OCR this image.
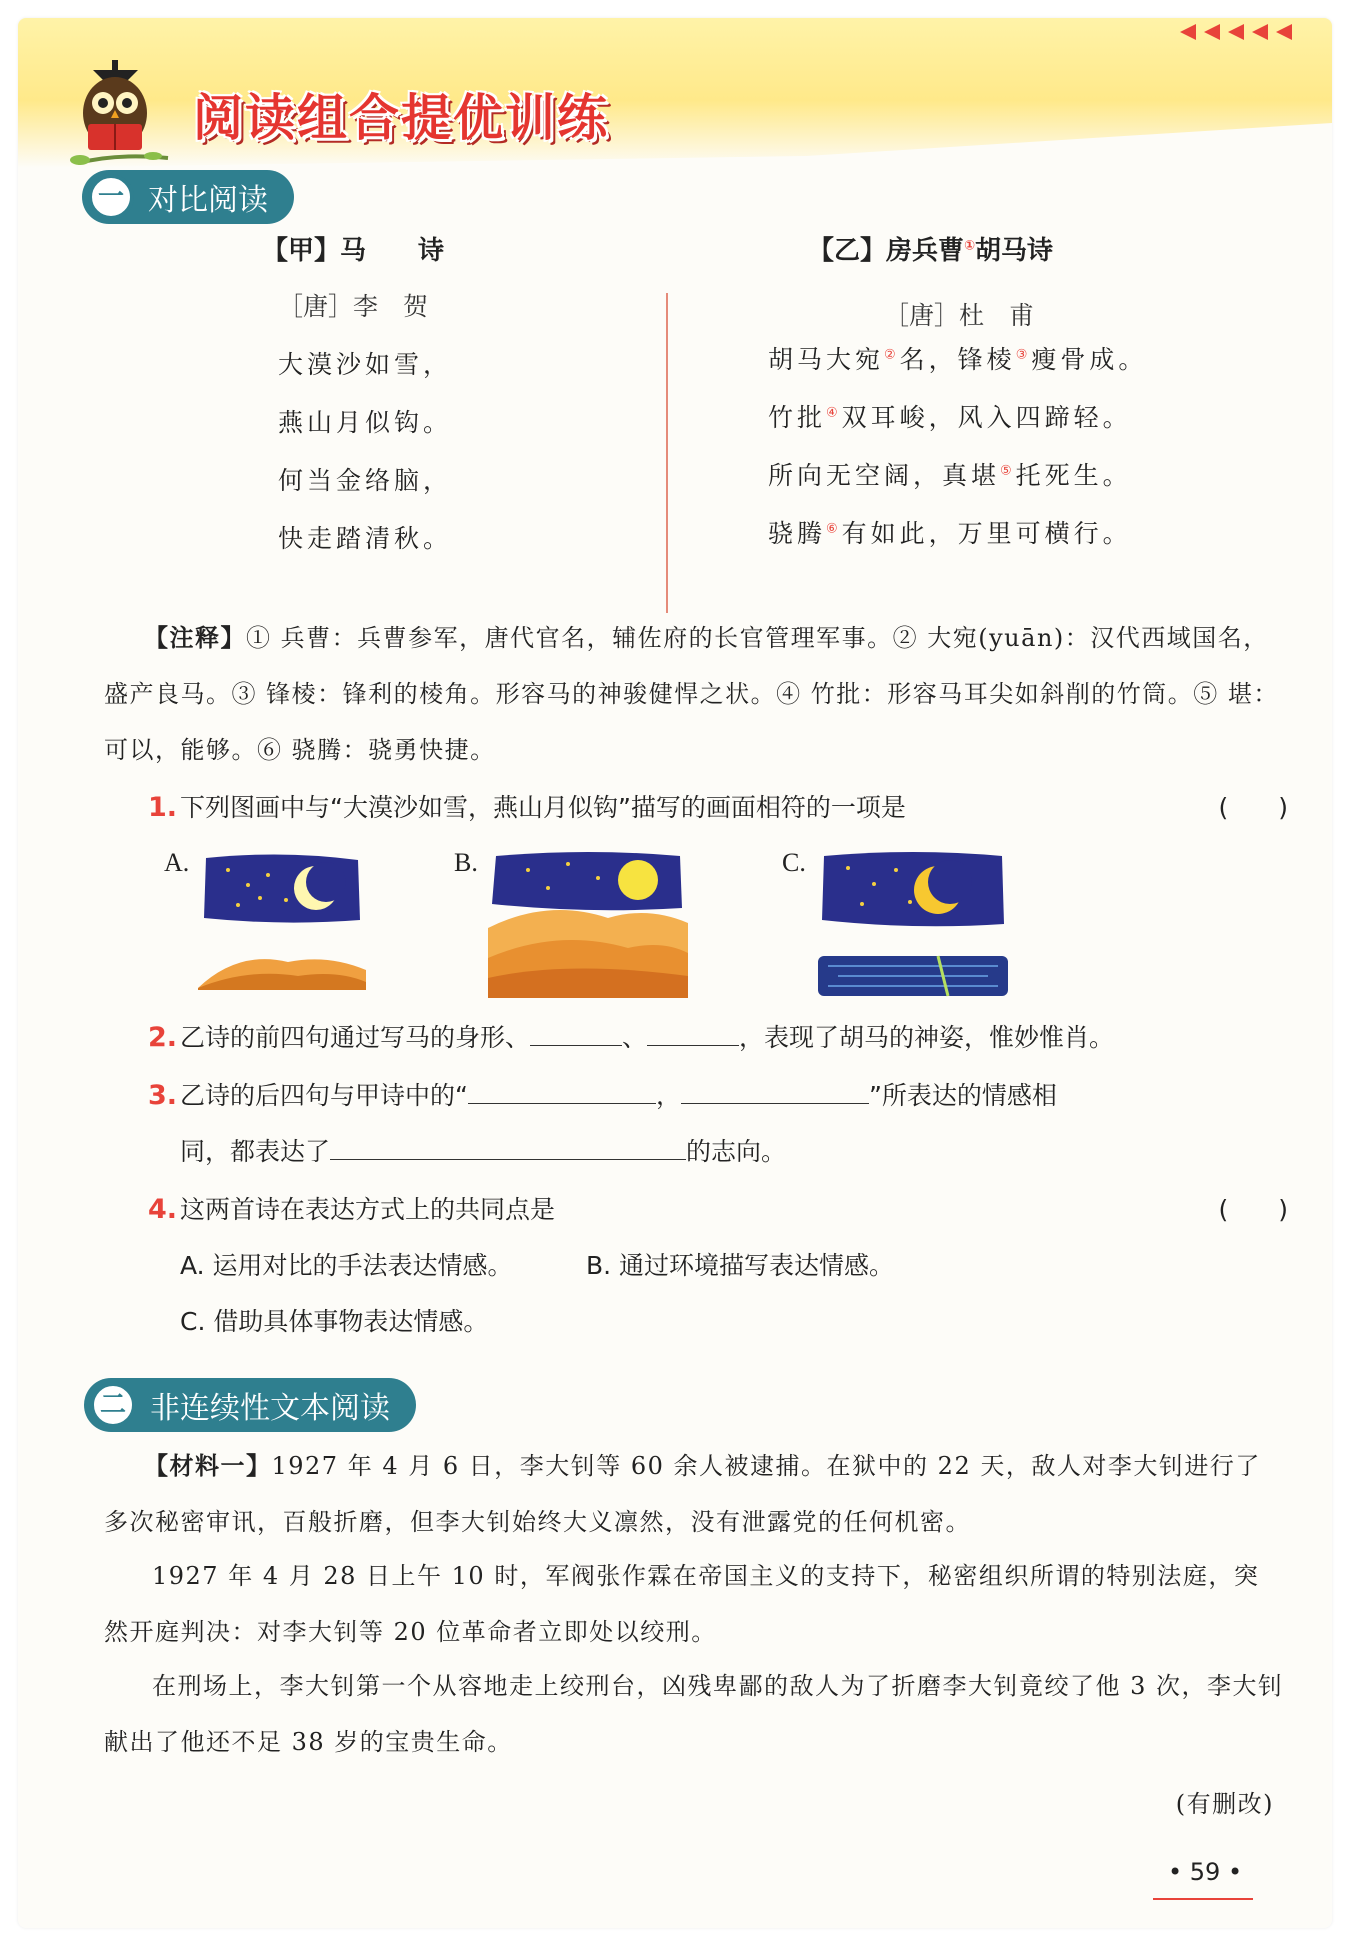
阅读组合提优训练
一 对比阅读
【甲】马　　诗
［唐］李　贺
大漠沙如雪，
燕山月似钩。
何当金络脑，
快走踏清秋。
【乙】房兵曹①胡马诗
［唐］杜　甫
胡马大宛②名，锋棱③瘦骨成。
竹批④双耳峻，风入四蹄轻。
所向无空阔，真堪⑤托死生。
骁腾⑥有如此，万里可横行。
【注释】① 兵曹：兵曹参军，唐代官名，辅佐府的长官管理军事。② 大宛(yuān)：汉代西域国名，盛产良马。③ 锋棱：锋利的棱角。形容马的神骏健悍之状。④ 竹批：形容马耳尖如斜削的竹筒。⑤ 堪：可以，能够。⑥ 骁腾：骁勇快捷。
1. 下列图画中与“大漠沙如雪，燕山月似钩”描写的画面相符的一项是	(　　)
A.	B.	C.
2. 乙诗的前四句通过写马的身形、	、	，表现了胡马的神姿，惟妙惟肖。
3. 乙诗的后四句与甲诗中的“	，	”所表达的情感相
同，都表达了	的志向。
4. 这两首诗在表达方式上的共同点是	(　　)
A. 运用对比的手法表达情感。	B. 通过环境描写表达情感。
C. 借助具体事物表达情感。
二 非连续性文本阅读
【材料一】1927 年 4 月 6 日，李大钊等 60 余人被逮捕。在狱中的 22 天，敌人对李大钊进行了多次秘密审讯，百般折磨，但李大钊始终大义凛然，没有泄露党的任何机密。
1927 年 4 月 28 日上午 10 时，军阀张作霖在帝国主义的支持下，秘密组织所谓的特别法庭，突然开庭判决：对李大钊等 20 位革命者立即处以绞刑。
在刑场上，李大钊第一个从容地走上绞刑台，凶残卑鄙的敌人为了折磨李大钊竟绞了他 3 次，李大钊献出了他还不足 38 岁的宝贵生命。
(有删改)
• 59 •
